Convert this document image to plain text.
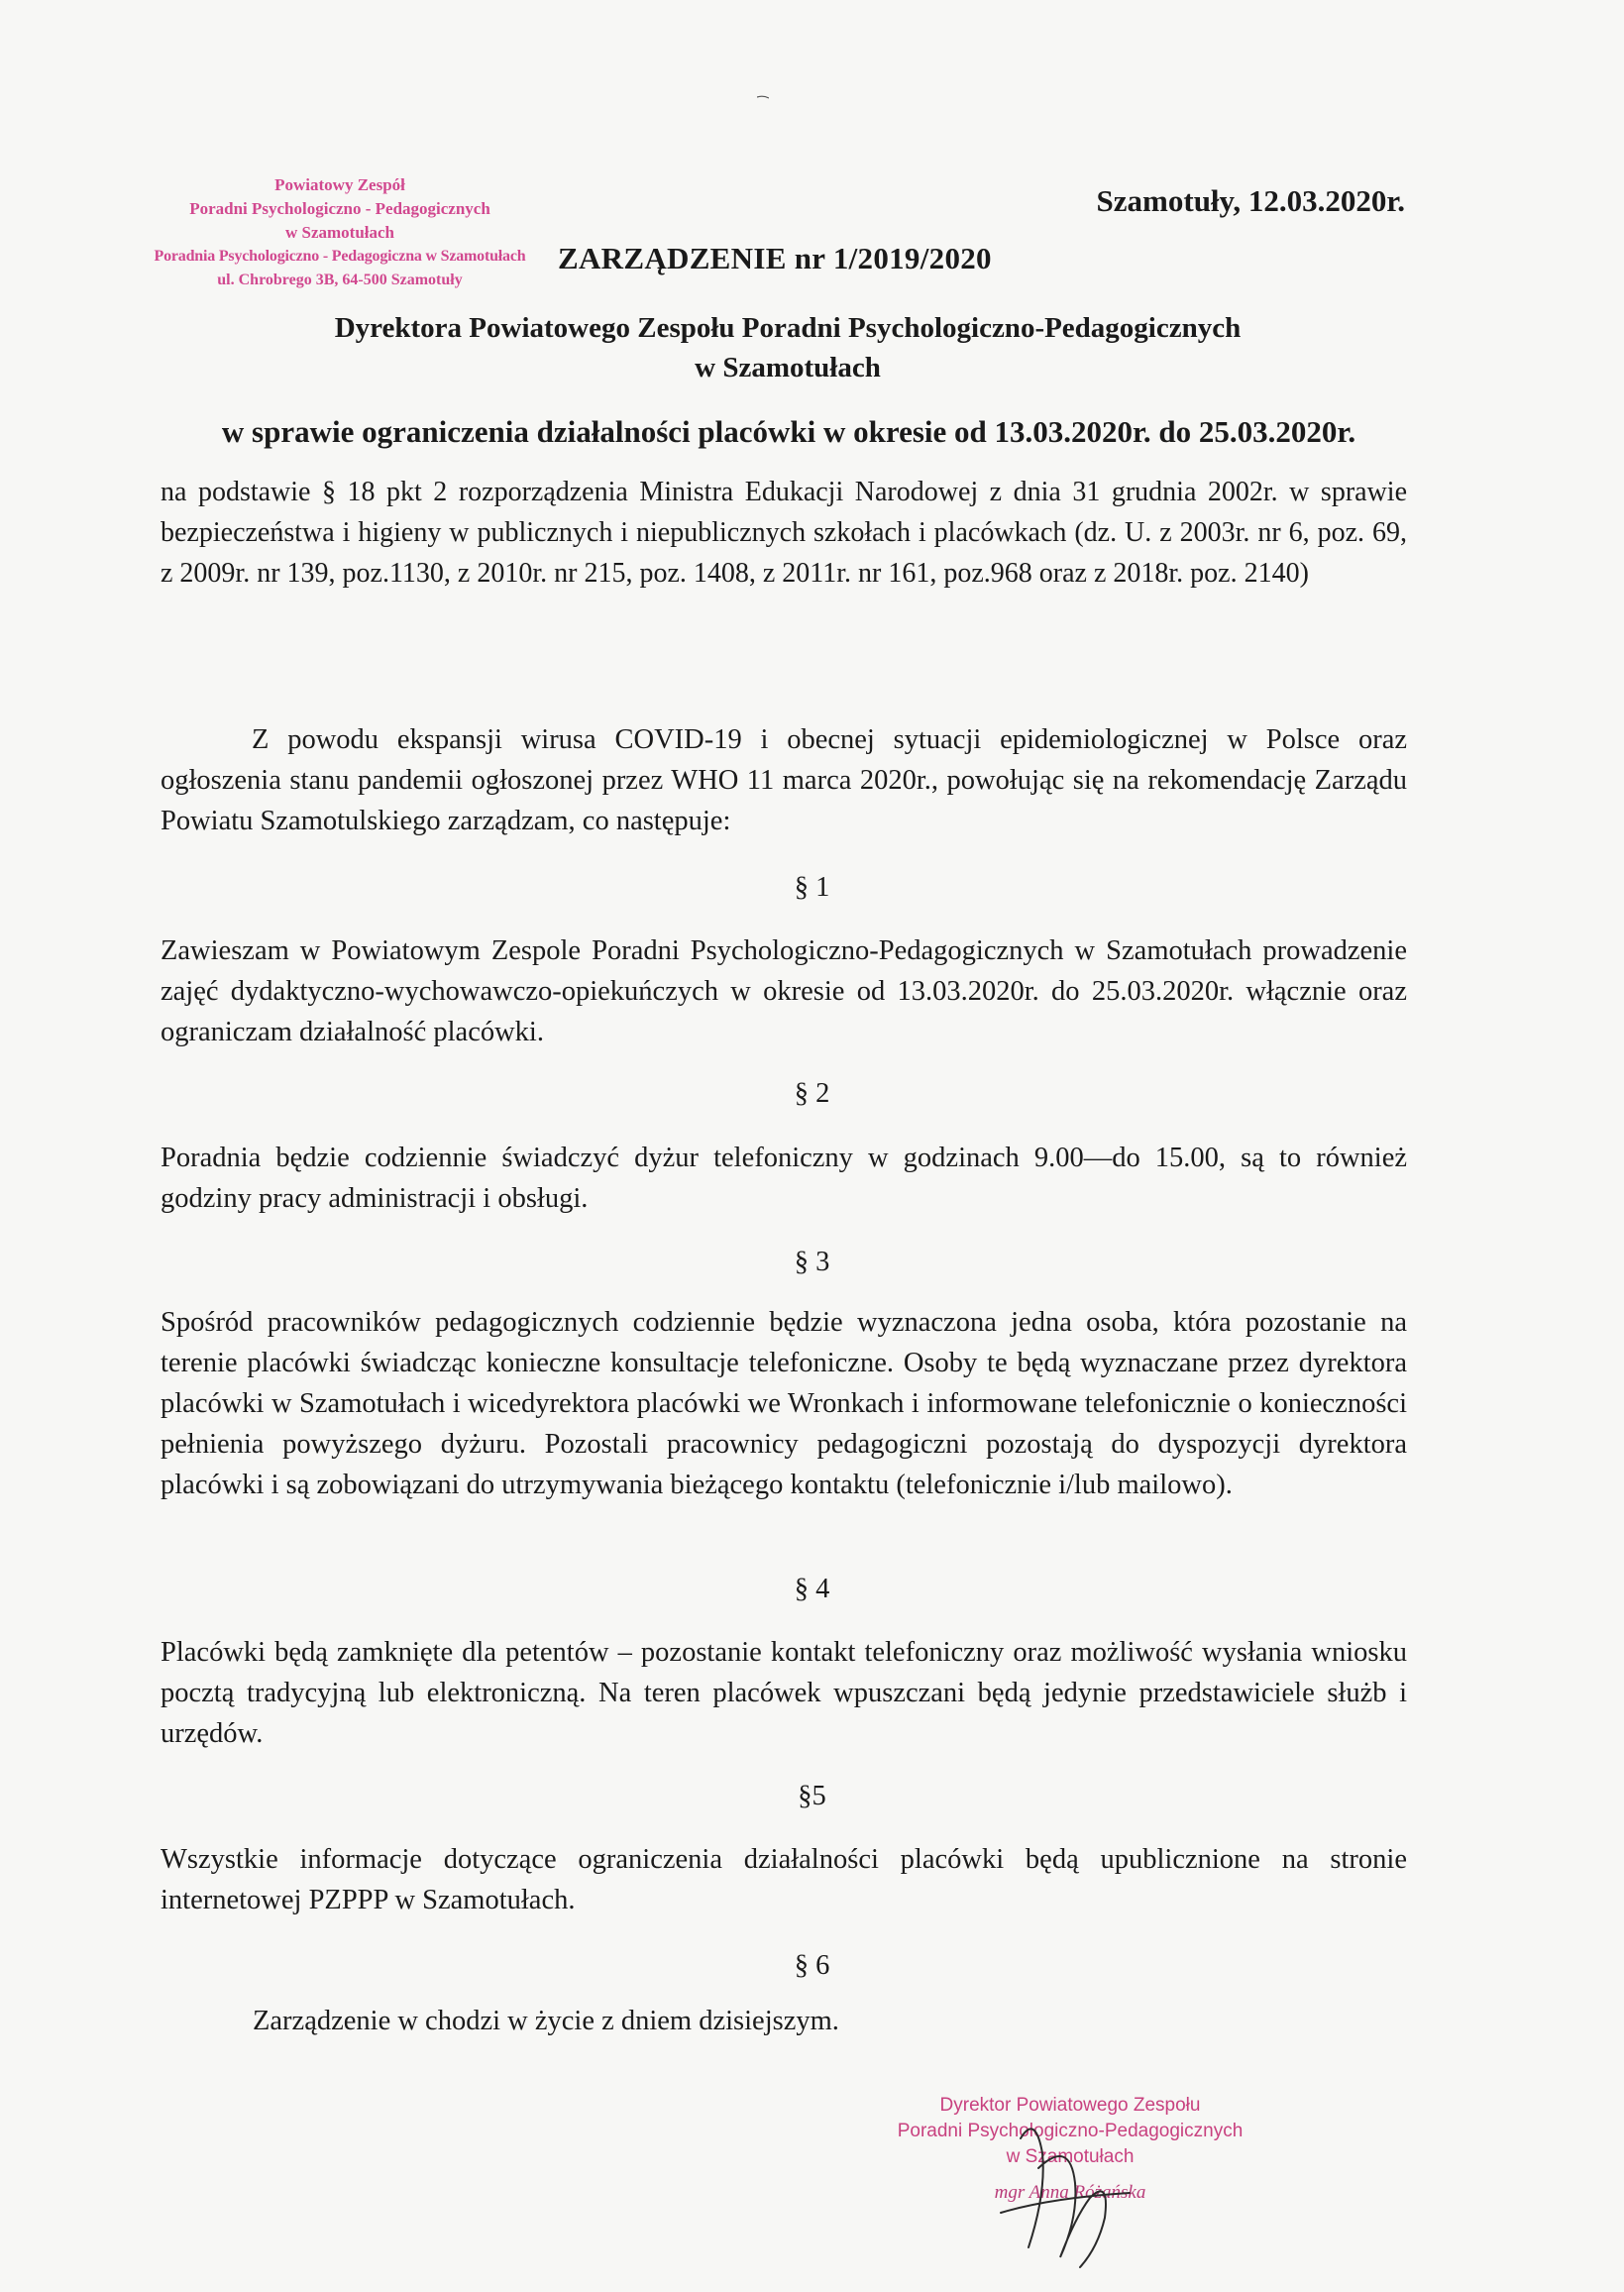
Powiatowy Zespół
Poradni Psychologiczno - Pedagogicznych
w Szamotułach
Poradnia Psychologiczno - Pedagogiczna w Szamotułach
ul. Chrobrego 3B, 64-500 Szamotuły
Szamotuły, 12.03.2020r.
ZARZĄDZENIE nr 1/2019/2020
Dyrektora Powiatowego Zespołu Poradni Psychologiczno-Pedagogicznych
w Szamotułach
w sprawie ograniczenia działalności placówki w okresie od 13.03.2020r. do 25.03.2020r.
na podstawie § 18 pkt 2 rozporządzenia Ministra Edukacji Narodowej z dnia 31 grudnia 2002r. w sprawie bezpieczeństwa i higieny w publicznych i niepublicznych szkołach i placówkach (dz. U. z 2003r. nr 6, poz. 69, z 2009r. nr 139, poz.1130, z 2010r. nr 215, poz. 1408, z 2011r. nr 161, poz.968 oraz z 2018r. poz. 2140)
Z powodu ekspansji wirusa COVID-19 i obecnej sytuacji epidemiologicznej w Polsce oraz ogłoszenia stanu pandemii ogłoszonej przez WHO 11 marca 2020r., powołując się na rekomendację Zarządu Powiatu Szamotulskiego zarządzam, co następuje:
§ 1
Zawieszam w Powiatowym Zespole Poradni Psychologiczno-Pedagogicznych w Szamotułach prowadzenie zajęć dydaktyczno-wychowawczo-opiekuńczych w okresie od 13.03.2020r. do 25.03.2020r. włącznie oraz ograniczam działalność placówki.
§ 2
Poradnia będzie codziennie świadczyć dyżur telefoniczny w godzinach 9.00—do 15.00, są to również godziny pracy administracji i obsługi.
§ 3
Spośród pracowników pedagogicznych codziennie będzie wyznaczona jedna osoba, która pozostanie na terenie placówki świadcząc konieczne konsultacje telefoniczne. Osoby te będą wyznaczane przez dyrektora placówki w Szamotułach i wicedyrektora placówki we Wronkach i informowane telefonicznie o konieczności pełnienia powyższego dyżuru. Pozostali pracownicy pedagogiczni pozostają do dyspozycji dyrektora placówki i są zobowiązani do utrzymywania bieżącego kontaktu (telefonicznie i/lub mailowo).
§ 4
Placówki będą zamknięte dla petentów – pozostanie kontakt telefoniczny oraz możliwość wysłania wniosku pocztą tradycyjną lub elektroniczną. Na teren placówek wpuszczani będą jedynie przedstawiciele służb i urzędów.
§5
Wszystkie informacje dotyczące ograniczenia działalności placówki będą upublicznione na stronie internetowej PZPPP w Szamotułach.
§ 6
Zarządzenie w chodzi w życie z dniem dzisiejszym.
Dyrektor Powiatowego Zespołu
Poradni Psychologiczno-Pedagogicznych
w Szamotułach
mgr Anna Różańska
